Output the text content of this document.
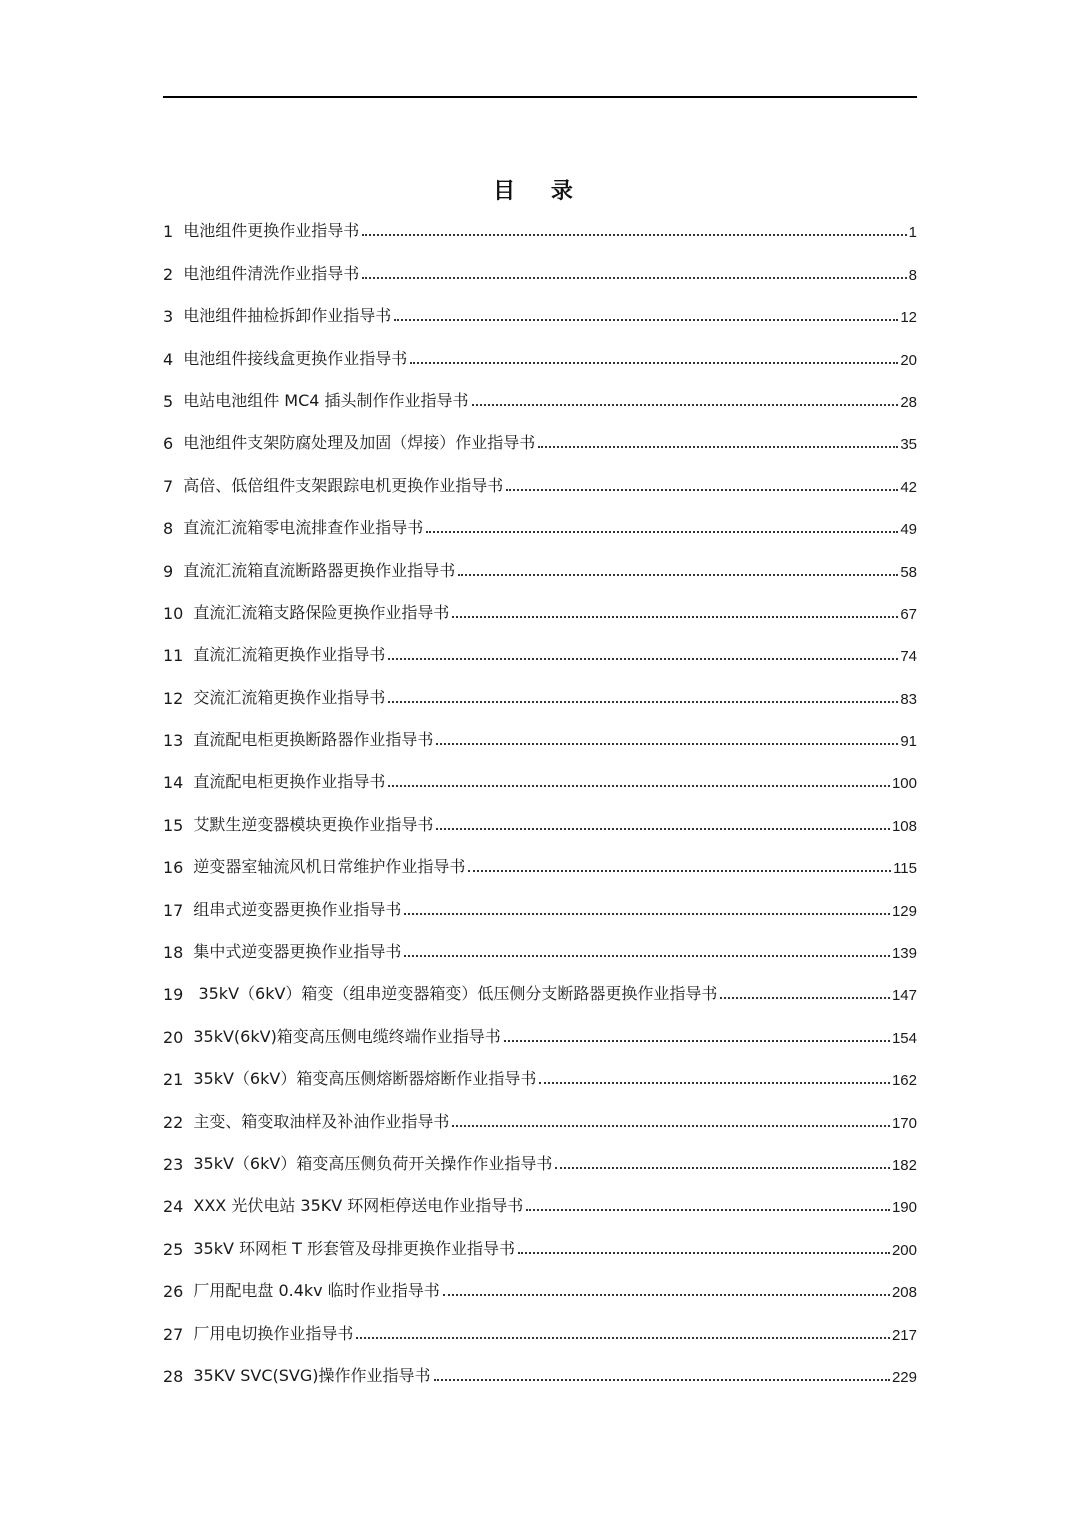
目 录
1 电池组件更换作业指导书	1
2 电池组件清洗作业指导书	8
3 电池组件抽检拆卸作业指导书	12
4 电池组件接线盒更换作业指导书	20
5 电站电池组件 MC4 插头制作作业指导书	28
6 电池组件支架防腐处理及加固（焊接）作业指导书	35
7 高倍、低倍组件支架跟踪电机更换作业指导书	42
8 直流汇流箱零电流排查作业指导书	49
9 直流汇流箱直流断路器更换作业指导书	58
10 直流汇流箱支路保险更换作业指导书	67
11 直流汇流箱更换作业指导书	74
12 交流汇流箱更换作业指导书	83
13 直流配电柜更换断路器作业指导书	91
14 直流配电柜更换作业指导书	100
15 艾默生逆变器模块更换作业指导书	108
16 逆变器室轴流风机日常维护作业指导书	115
17 组串式逆变器更换作业指导书	129
18 集中式逆变器更换作业指导书	139
19 35kV（6kV）箱变（组串逆变器箱变）低压侧分支断路器更换作业指导书	147
20 35kV(6kV)箱变高压侧电缆终端作业指导书	154
21 35kV（6kV）箱变高压侧熔断器熔断作业指导书	162
22 主变、箱变取油样及补油作业指导书	170
23 35kV（6kV）箱变高压侧负荷开关操作作业指导书	182
24 XXX 光伏电站 35KV 环网柜停送电作业指导书	190
25 35kV 环网柜 T 形套管及母排更换作业指导书	200
26 厂用配电盘 0.4kv 临时作业指导书	208
27 厂用电切换作业指导书	217
28 35KV SVC(SVG)操作作业指导书	229
